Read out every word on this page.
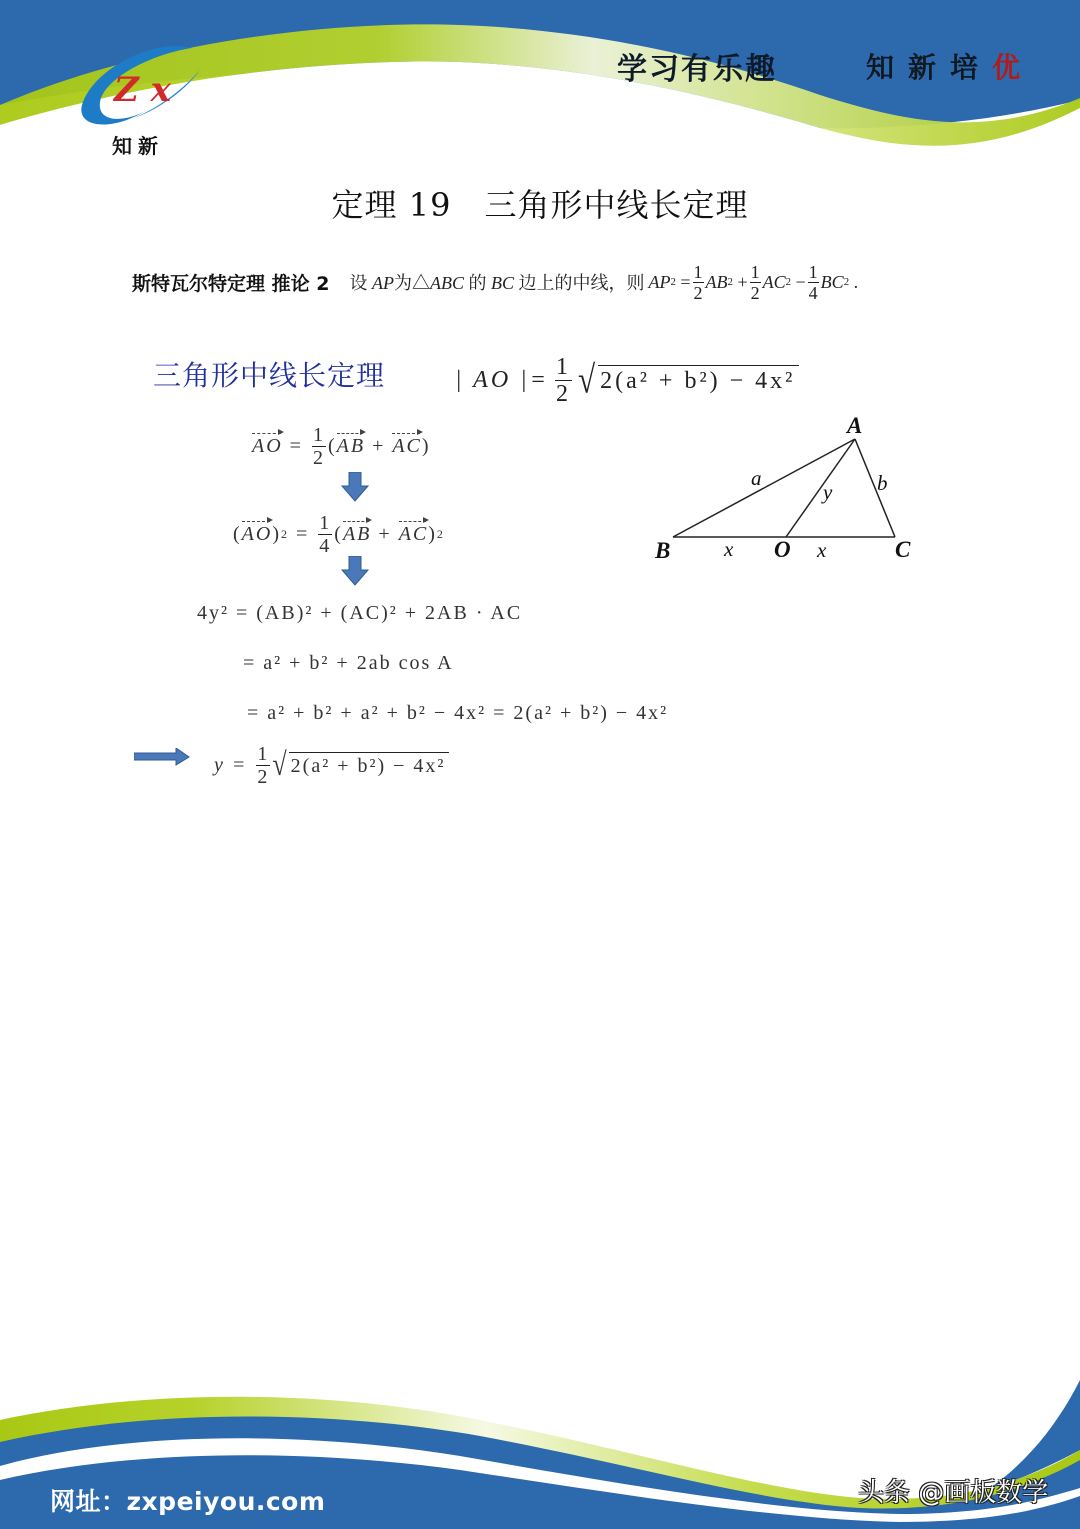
Z x
知新
学习有乐趣	知新培优
定理 19　三角形中线长定理
斯特瓦尔特定理 推论 2 设 AP为△ABC 的 BC 边上的中线，则 AP 2
= $\frac{1}{2}$ AB 2
+ $\frac{1}{2}$ AC 2
− $\frac{1}{4}$ BC 2
.
三角形中线长定理	| AO |= $\frac{1}{2}$ √ 2(a² + b²) − 4x²
AO
=
$\frac{1}{2}$ ( AB
+
AC )
( AO ) 2
=
$\frac{1}{4}$ ( AB
+
AC ) 2
4y² = (AB)² + (AC)² + 2AB · AC
= a² + b² + 2ab cos A
= a² + b² + a² + b² − 4x² = 2(a² + b²) − 4x²
y =
$\frac{1}{2}$ √ 2(a² + b²) − 4x²
A
B	O	C
a	b
y
x	x
网址：zxpeiyou.com	头条 @画板数学
